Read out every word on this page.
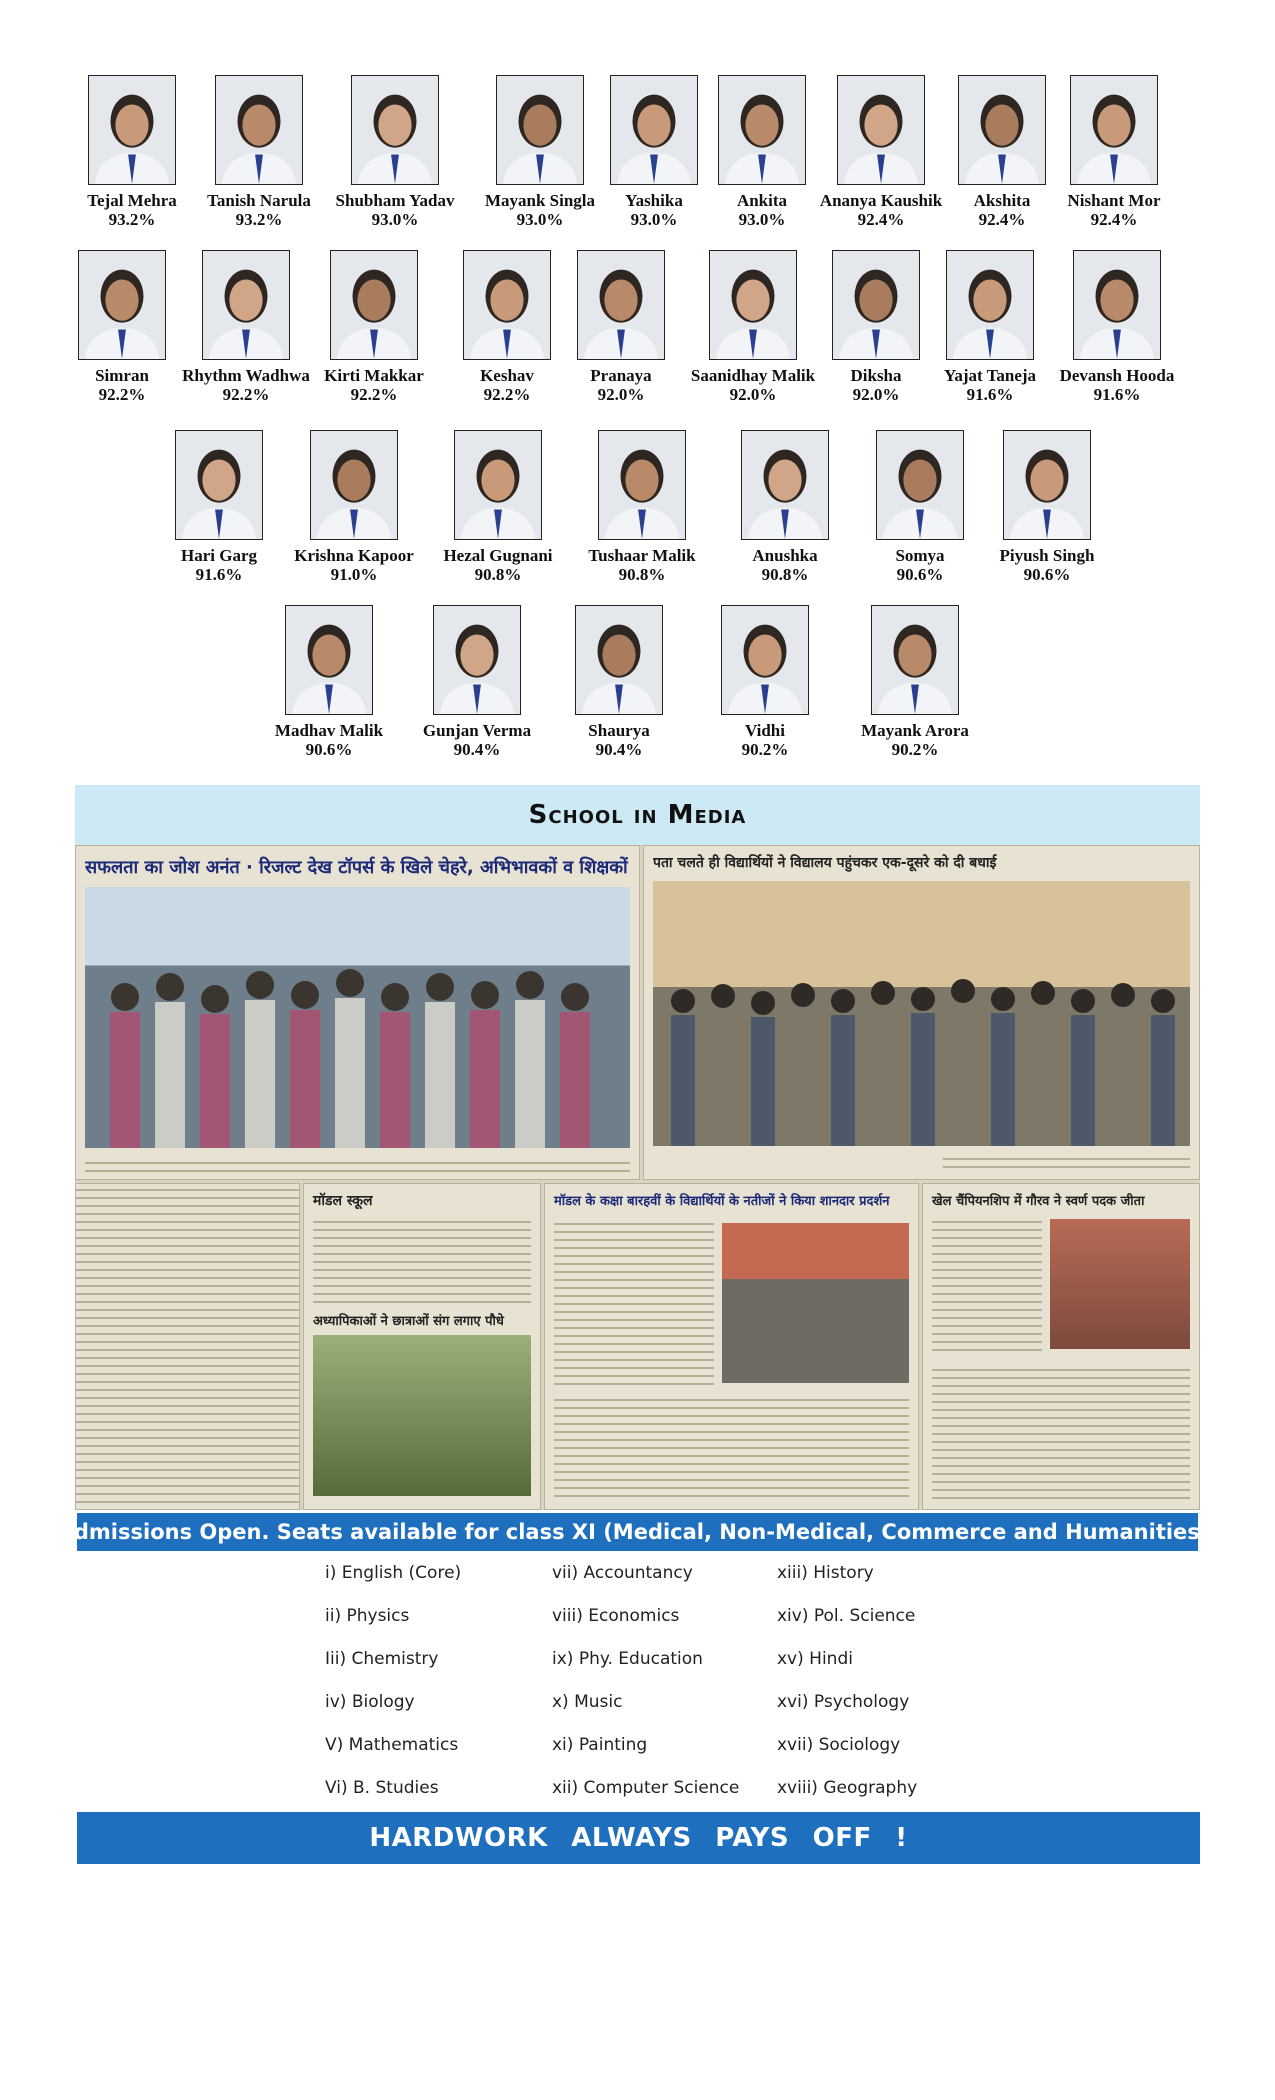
Tejal Mehra
93.2%
Tanish Narula
93.2%
Shubham Yadav
93.0%
Mayank Singla
93.0%
Yashika
93.0%
Ankita
93.0%
Ananya Kaushik
92.4%
Akshita
92.4%
Nishant Mor
92.4%
Simran
92.2%
Rhythm Wadhwa
92.2%
Kirti Makkar
92.2%
Keshav
92.2%
Pranaya
92.0%
Saanidhay Malik
92.0%
Diksha
92.0%
Yajat Taneja
91.6%
Devansh Hooda
91.6%
Hari Garg
91.6%
Krishna Kapoor
91.0%
Hezal Gugnani
90.8%
Tushaar Malik
90.8%
Anushka
90.8%
Somya
90.6%
Piyush Singh
90.6%
Madhav Malik
90.6%
Gunjan Verma
90.4%
Shaurya
90.4%
Vidhi
90.2%
Mayank Arora
90.2%
School in Media
सफलता का जोश अनंत · रिजल्ट देख टॉपर्स के खिले चेहरे, अभिभावकों व शिक्षकों पता चलते ही विद्यार्थियों ने विद्यालय पहुंचकर एक-दूसरे को दी बधाई
मॉडल स्कूल
अध्यापिकाओं ने छात्राओं संग लगाए पौधे
मॉडल के कक्षा बारहवीं के विद्यार्थियों के नतीजों ने किया शानदार प्रदर्शन	खेल चैंपियनशिप में गौरव ने स्वर्ण पदक जीता
Admissions Open. Seats available for class XI (Medical, Non-Medical, Commerce and Humanities).
i) English (Core)
ii) Physics
Iii) Chemistry
iv) Biology
V) Mathematics
Vi) B. Studies
vii) Accountancy
viii) Economics
ix) Phy. Education
x) Music
xi) Painting
xii) Computer Science
xiii) History
xiv) Pol. Science
xv) Hindi
xvi) Psychology
xvii) Sociology
xviii) Geography
HARDWORK ALWAYS PAYS OFF !
